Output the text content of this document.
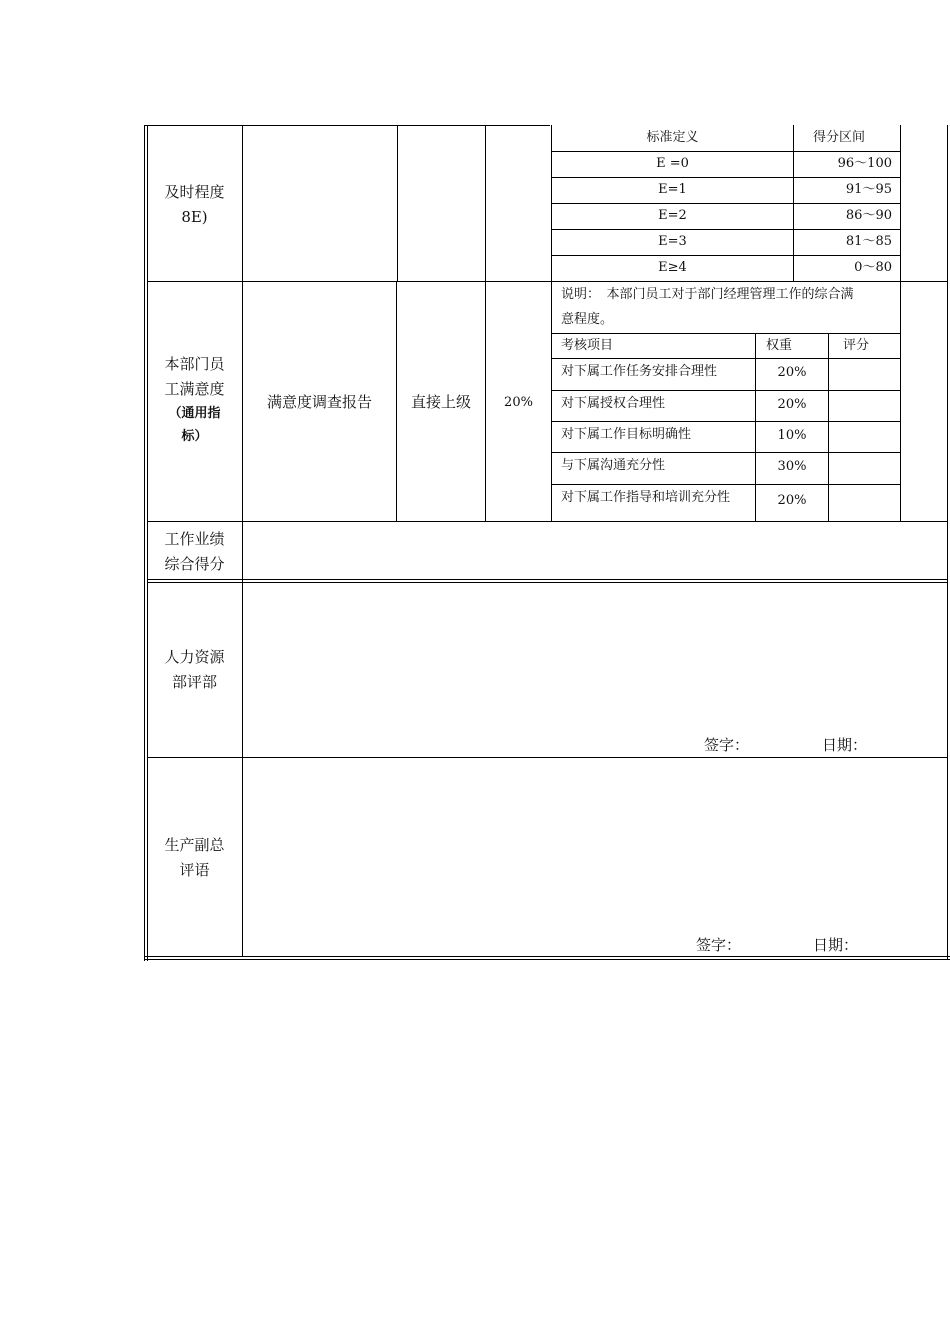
及时程度
8E)
标准定义	得分区间
E =0	96～100
E=1	91～95
E=2	86～90
E=3	81～85
E≥4	0～80
本部门员
工满意度
（通用指
标）
满意度调查报告	直接上级	20%
说明：　本部门员工对于部门经理管理工作的综合满
意程度。
考核项目	权重	评分
对下属工作任务安排合理性	20%
对下属授权合理性	20%
对下属工作目标明确性	10%
与下属沟通充分性	30%
对下属工作指导和培训充分性	20%
工作业绩
综合得分
人力资源
部评部
签字：	日期：
生产副总
评语
签字：	日期：
